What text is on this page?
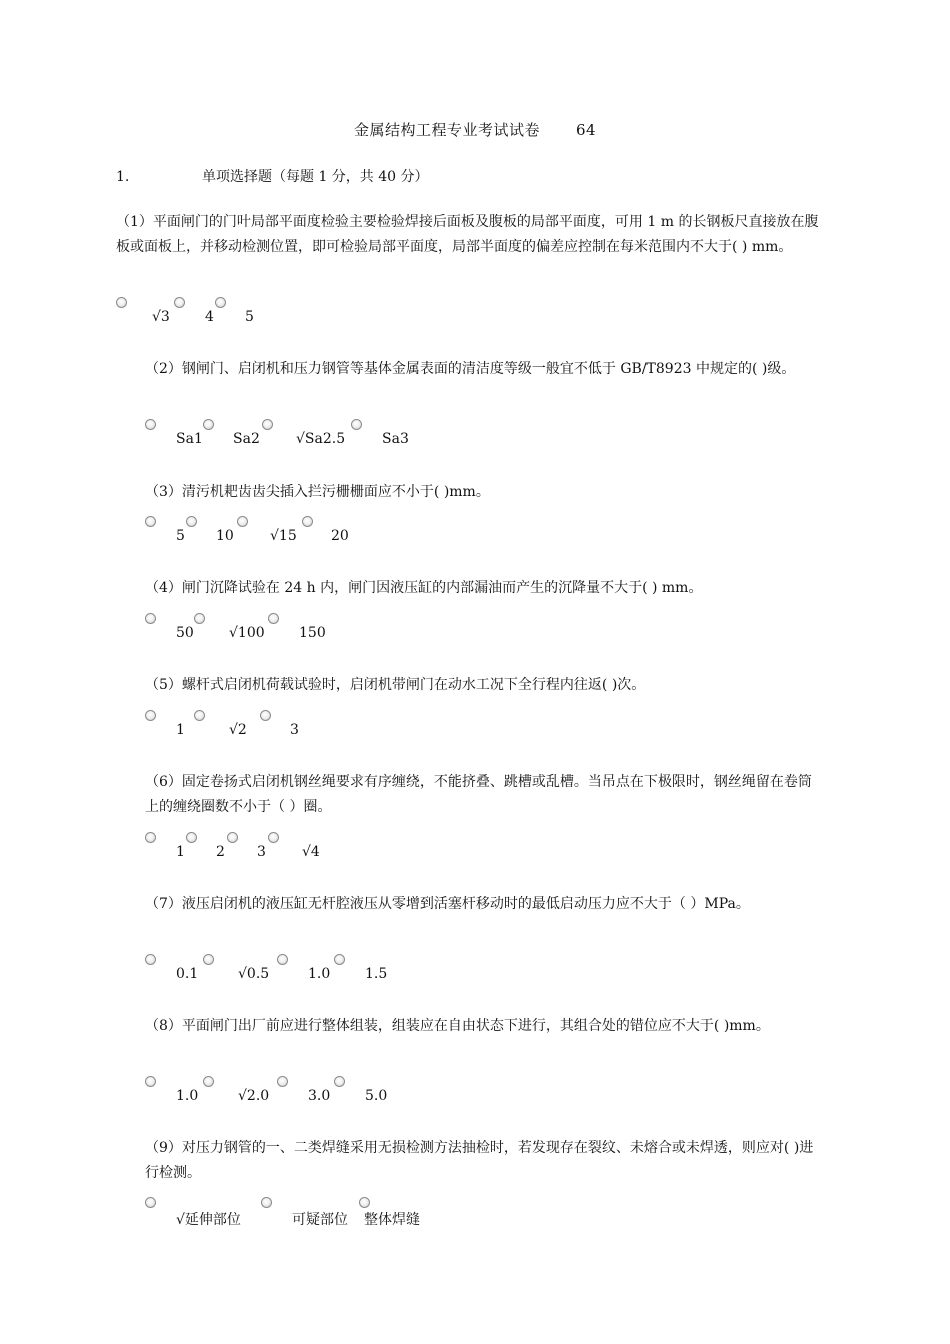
金属结构工程专业考试试卷 64
1.	单项选择题（每题 1 分，共 40 分）
（1）平面闸门的门叶局部平面度检验主要检验焊接后面板及腹板的局部平面度，可用 1 m 的长钢板尺直接放在腹板或面板上，并移动检测位置，即可检验局部平面度，局部半面度的偏差应控制在每米范围内不大于( ) mm。
√3	4 5
（2）钢闸门、启闭机和压力钢管等基体金属表面的清洁度等级一般宜不低于 GB/T8923 中规定的( )级。
Sa1 Sa2	√Sa2.5	Sa3
（3）清污机耙齿齿尖插入拦污栅栅面应不小于( )mm。
5 10	√15 20
（4）闸门沉降试验在 24 h 内，闸门因液压缸的内部漏油而产生的沉降量不大于( ) mm。
50	√100 150
（5）螺杆式启闭机荷载试验时，启闭机带闸门在动水工况下全行程内往返( )次。
1	√2	3
（6）固定卷扬式启闭机钢丝绳要求有序缠绕，不能挤叠、跳槽或乱槽。当吊点在下极限时，钢丝绳留在卷筒上的缠绕圈数不小于（ ）圈。
1 2 3	√4
（7）液压启闭机的液压缸无杆腔液压从零增到活塞杆移动时的最低启动压力应不大于（ ）MPa。
0.1	√0.5	1.0 1.5
（8）平面闸门出厂前应进行整体组装，组装应在自由状态下进行，其组合处的错位应不大于( )mm。
1.0	√2.0	3.0 5.0
（9）对压力钢管的一、二类焊缝采用无损检测方法抽检时，若发现存在裂纹、未熔合或未焊透，则应对( )进行检测。
√延伸部位	可疑部位 整体焊缝
